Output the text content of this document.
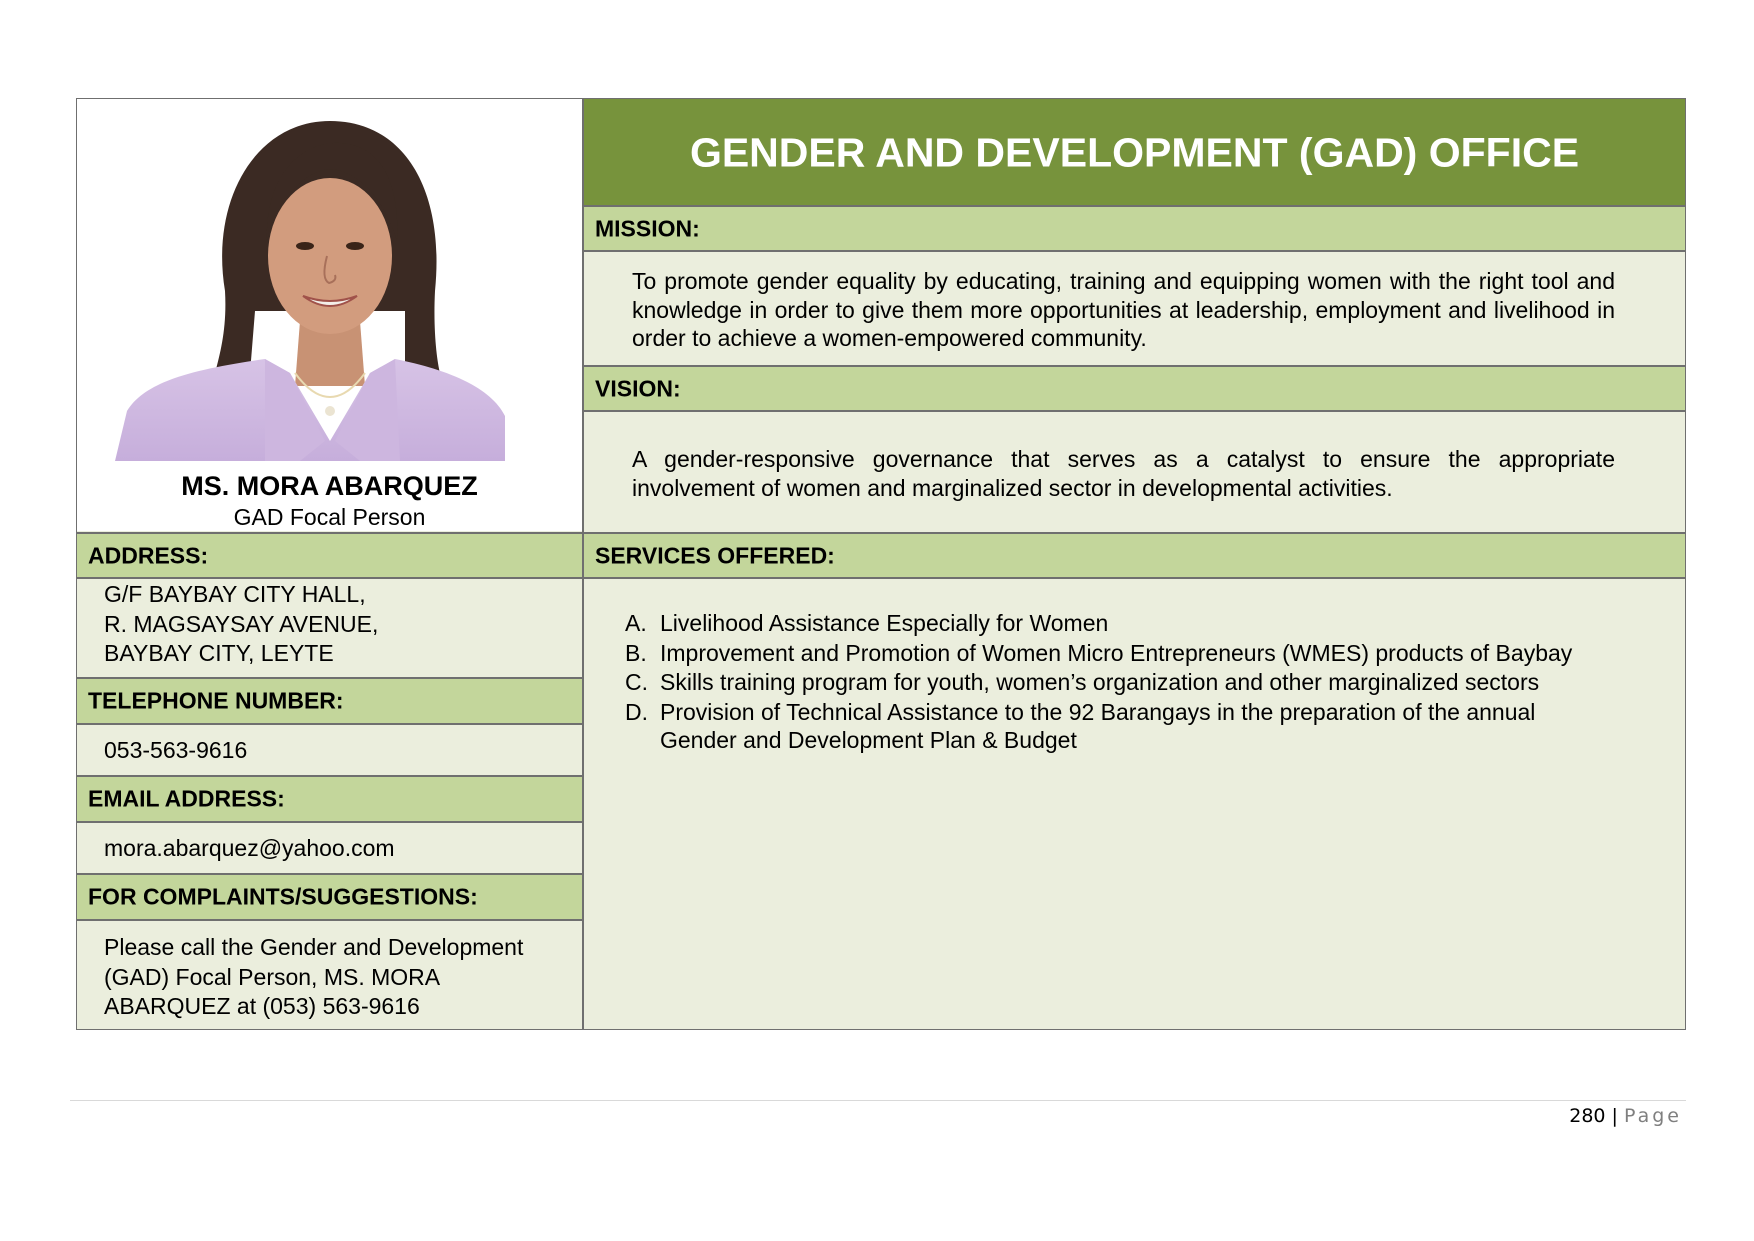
MS. MORA ABARQUEZ
GAD Focal Person
GENDER AND DEVELOPMENT (GAD) OFFICE
MISSION:
To promote gender equality by educating, training and equipping women with the right tool and knowledge in order to give them more opportunities at leadership, employment and livelihood in order to achieve a women-empowered community.
VISION:
A gender-responsive governance that serves as a catalyst to ensure the appropriate involvement of women and marginalized sector in developmental activities.
ADDRESS:
G/F BAYBAY CITY HALL,
R. MAGSAYSAY AVENUE,
BAYBAY CITY, LEYTE
SERVICES OFFERED:
A. Livelihood Assistance Especially for Women
B. Improvement and Promotion of Women Micro Entrepreneurs (WMES) products of Baybay
C. Skills training program for youth, women’s organization and other marginalized sectors
D. Provision of Technical Assistance to the 92 Barangays in the preparation of the annual Gender and Development Plan & Budget
TELEPHONE NUMBER:
053-563-9616
EMAIL ADDRESS:
mora.abarquez@yahoo.com
FOR COMPLAINTS/SUGGESTIONS:
Please call the Gender and Development
(GAD) Focal Person, MS. MORA
ABARQUEZ at (053) 563-9616
280 | Page
